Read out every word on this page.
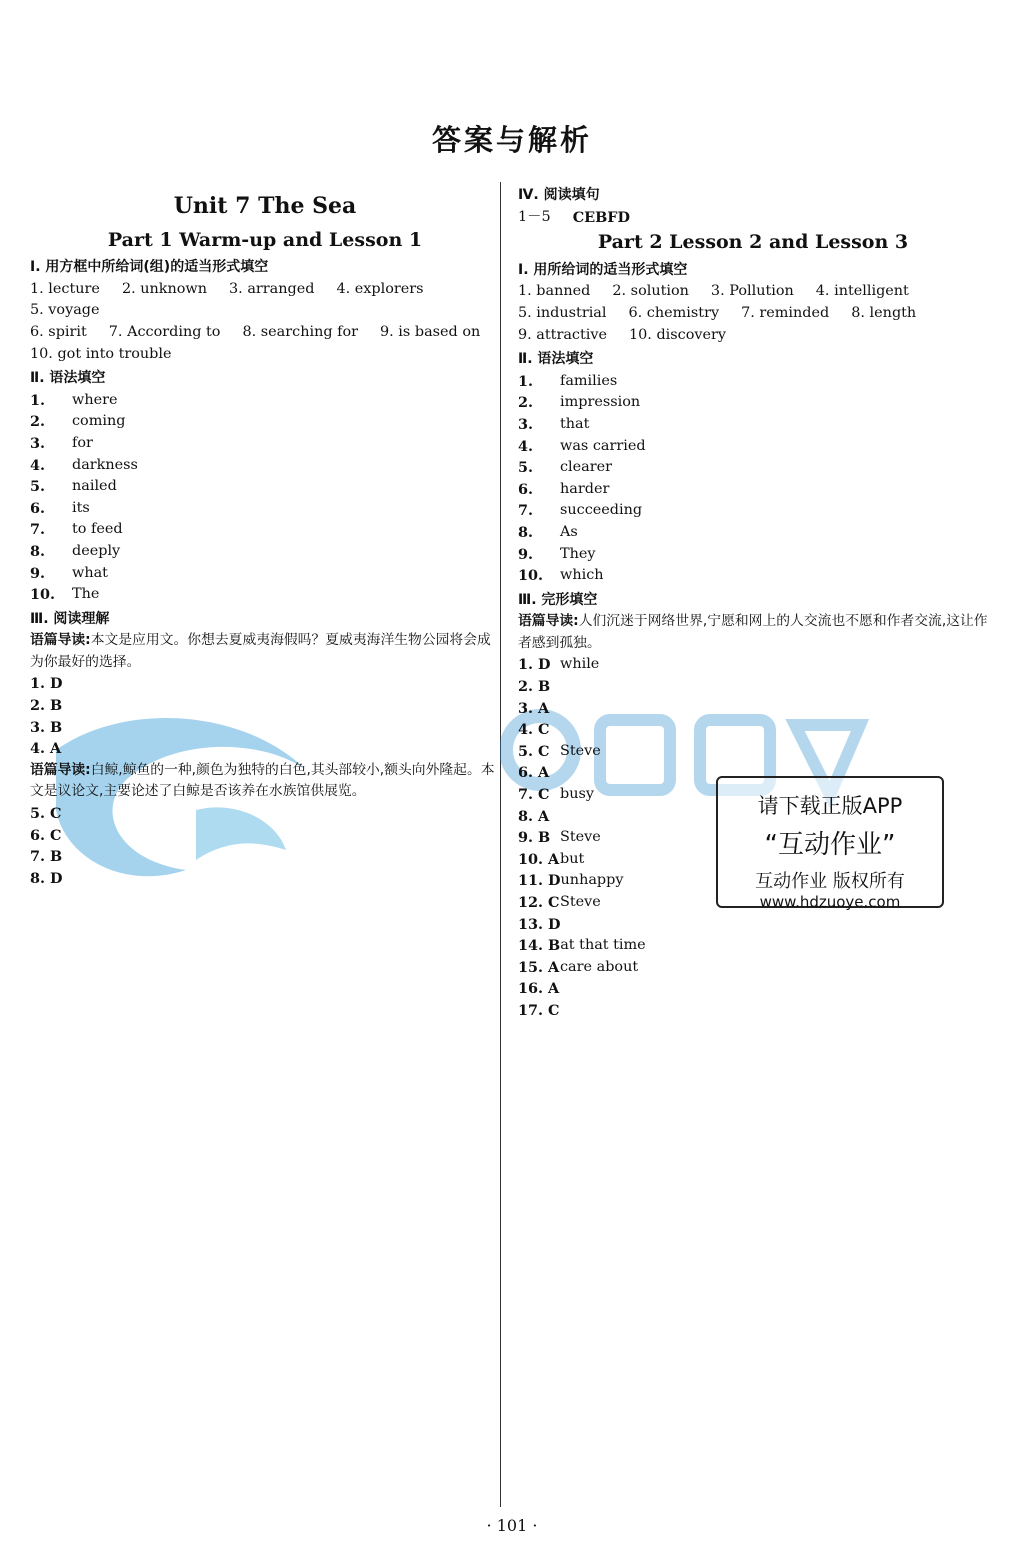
答案与解析
Unit 7 The Sea
Part 1 Warm-up and Lesson 1
Ⅰ. 用方框中所给词(组)的适当形式填空
1. lecture 2. unknown 3. arranged 4. explorers
5. voyage
6. spirit 7. According to 8. searching for 9. is based on
10. got into trouble
Ⅱ. 语法填空
1.	where
2.	coming
3.	for
4.	darkness
5.	nailed
6.	its
7.	to feed
8.	deeply
9.	what
10.	The
Ⅲ. 阅读理解

语篇导读:本文是应用文。你想去夏威夷海假吗？夏威夷海洋生物公园将会成为你最好的选择。

1. D
2. B
3. B
4. A

语篇导读:白鲸,鲸鱼的一种,颜色为独特的白色,其头部较小,额头向外隆起。本文是议论文,主要论述了白鲸是否该养在水族馆供展览。

5. C
6. C
7. B
8. D

Ⅳ. 阅读填句
1－5 CEBFD
Part 2 Lesson 2 and Lesson 3
Ⅰ. 用所给词的适当形式填空
1. banned 2. solution 3. Pollution 4. intelligent
5. industrial 6. chemistry 7. reminded 8. length
9. attractive 10. discovery
Ⅱ. 语法填空
1.	families
2.	impression
3.	that
4.	was carried
5.	clearer
6.	harder
7.	succeeding
8.	As
9.	They
10.	which
Ⅲ. 完形填空

语篇导读:人们沉迷于网络世界,宁愿和网上的人交流也不愿和作者交流,这让作者感到孤独。

1. D while
2. B
3. A
4. C
5. C Steve
6. A
7. C busy
8. A
9. B Steve
10. A but
11. D unhappy
12. C Steve
13. D
14. B at that time
15. A care about
16. A
17. C
请下载正版APP
“互动作业”
互动作业 版权所有
www.hdzuoye.com
· 101 ·
